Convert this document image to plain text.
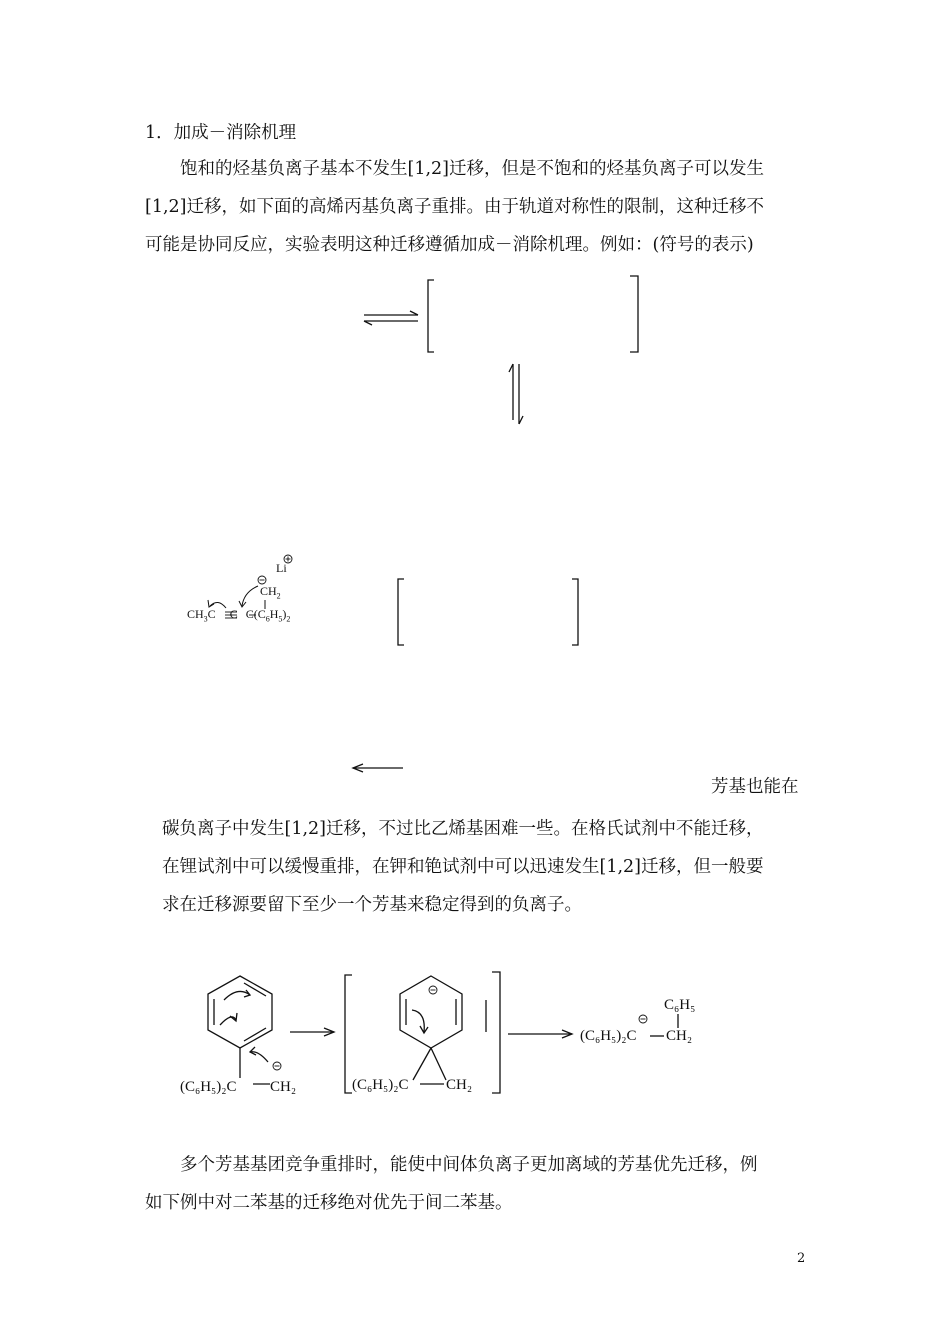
1．加成－消除机理
饱和的烃基负离子基本不发生[1,2]迁移，但是不饱和的烃基负离子可以发生
[1,2]迁移，如下面的高烯丙基负离子重排。由于轨道对称性的限制，这种迁移不
可能是协同反应，实验表明这种迁移遵循加成－消除机理。例如：(符号的表示)
Li
$CH_2$
$CH_3C$ C $C(C_6H_5)_2$
芳基也能在
碳负离子中发生[1,2]迁移，不过比乙烯基困难一些。在格氏试剂中不能迁移，
在锂试剂中可以缓慢重排，在钾和铯试剂中可以迅速发生[1,2]迁移，但一般要
求在迁移源要留下至少一个芳基来稳定得到的负离子。
(C₆H₅)₂C CH₂	(C₆H₅)₂C CH₂
C₆H₅
(C₆H₅)₂C CH₂
多个芳基基团竞争重排时，能使中间体负离子更加离域的芳基优先迁移，例
如下例中对二苯基的迁移绝对优先于间二苯基。
2
